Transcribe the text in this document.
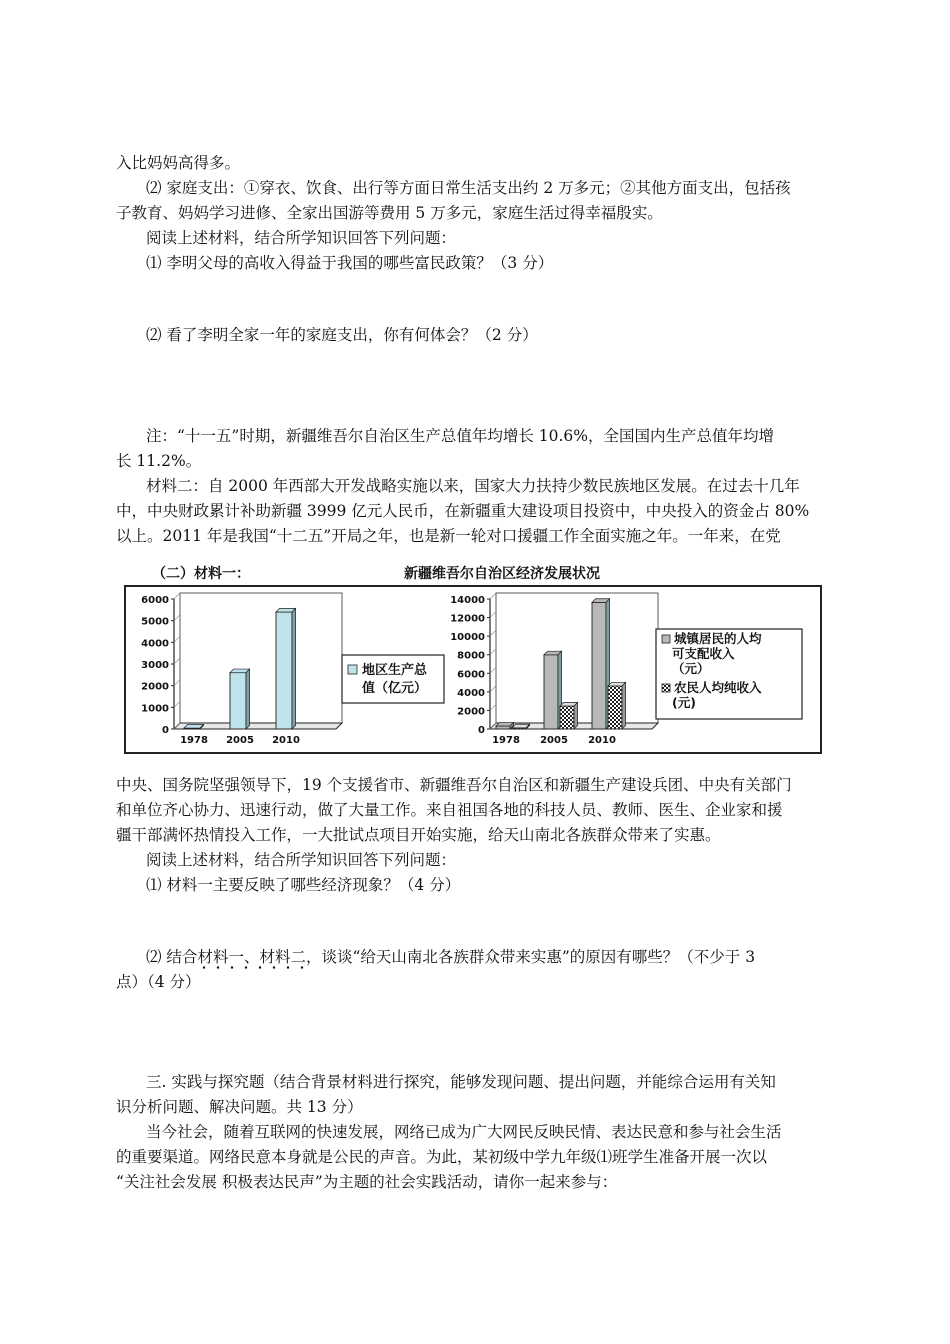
入比妈妈高得多。
⑵ 家庭支出：①穿衣、饮食、出行等方面日常生活支出约 2 万多元；②其他方面支出，包括孩
子教育、妈妈学习进修、全家出国游等费用 5 万多元，家庭生活过得幸福殷实。
阅读上述材料，结合所学知识回答下列问题：
⑴ 李明父母的高收入得益于我国的哪些富民政策？（3 分）
⑵ 看了李明全家一年的家庭支出，你有何体会？（2 分）
注：“十一五”时期，新疆维吾尔自治区生产总值年均增长 10.6%，全国国内生产总值年均增
长 11.2%。
材料二：自 2000 年西部大开发战略实施以来，国家大力扶持少数民族地区发展。在过去十几年
中，中央财政累计补助新疆 3999 亿元人民币，在新疆重大建设项目投资中，中央投入的资金占 80%
以上。2011 年是我国“十二五”开局之年，也是新一轮对口援疆工作全面实施之年。一年来，在党
（二）材料一：	新疆维吾尔自治区经济发展状况
0
1000
2000
3000
4000
5000
6000
1978 2005 2010
地区生产总
值（亿元）
0
2000
4000
6000
8000
10000
12000
14000
1978 2005 2010
城镇居民的人均
可支配收入
（元）
农民人均纯收入
(元)
中央、国务院坚强领导下，19 个支援省市、新疆维吾尔自治区和新疆生产建设兵团、中央有关部门
和单位齐心协力、迅速行动，做了大量工作。来自祖国各地的科技人员、教师、医生、企业家和援
疆干部满怀热情投入工作，一大批试点项目开始实施，给天山南北各族群众带来了实惠。
阅读上述材料，结合所学知识回答下列问题：
⑴ 材料一主要反映了哪些经济现象？（4 分）
⑵ 结合材料一、材料二，谈谈“给天山南北各族群众带来实惠”的原因有哪些？（不少于 3
点）（4 分）
三. 实践与探究题（结合背景材料进行探究，能够发现问题、提出问题，并能综合运用有关知
识分析问题、解决问题。共 13 分）
当今社会，随着互联网的快速发展，网络已成为广大网民反映民情、表达民意和参与社会生活
的重要渠道。网络民意本身就是公民的声音。为此，某初级中学九年级⑴班学生准备开展一次以
“关注社会发展 积极表达民声”为主题的社会实践活动，请你一起来参与：
